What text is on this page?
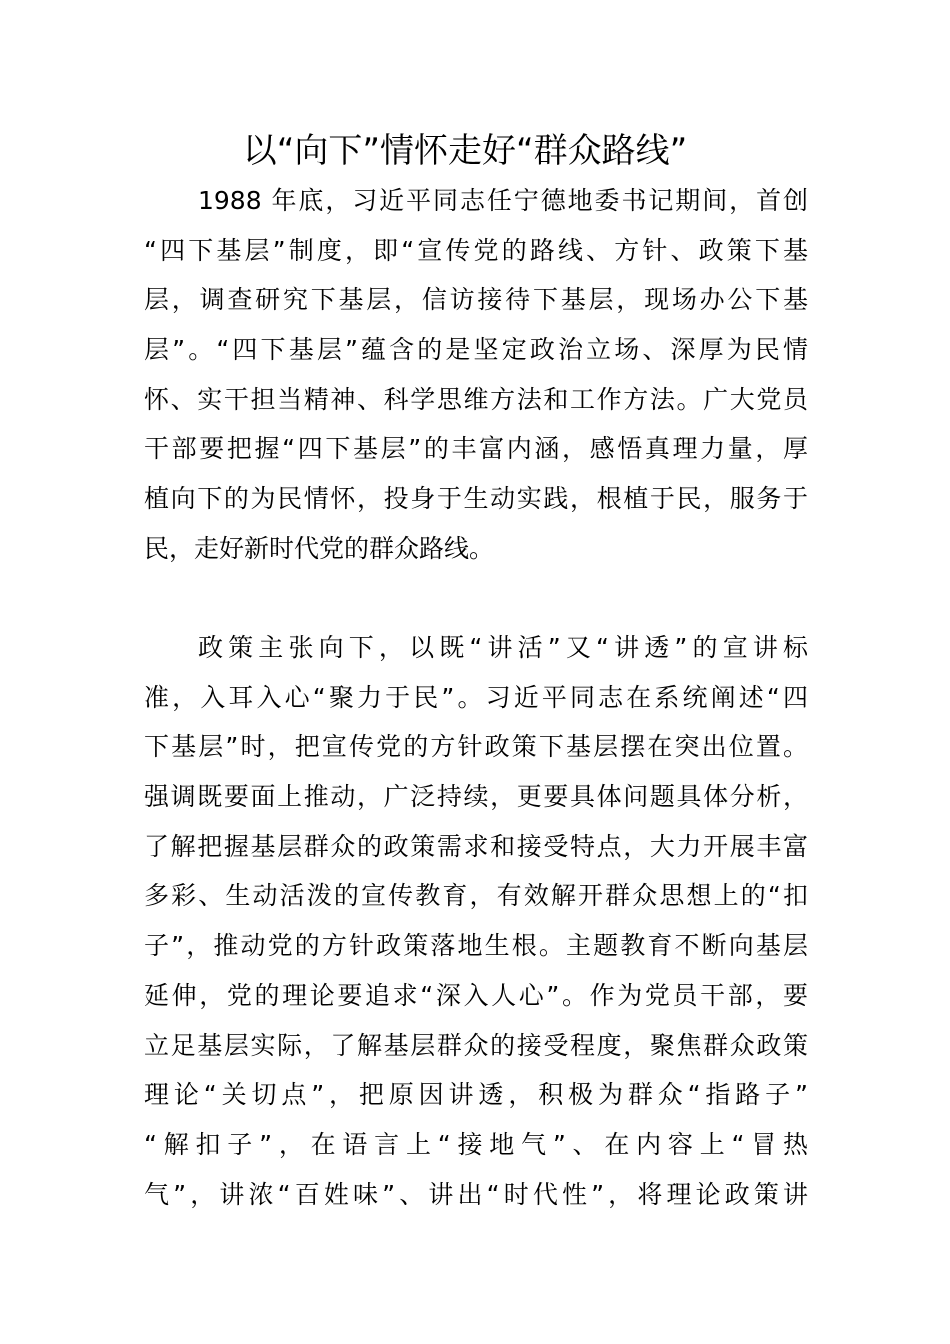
以“向下”情怀走好“群众路线”
1988 年底，习近平同志任宁德地委书记期间，首创
“四下基层”制度，即“宣传党的路线、方针、政策下基
层，调查研究下基层，信访接待下基层，现场办公下基
层”。“四下基层”蕴含的是坚定政治立场、深厚为民情
怀、实干担当精神、科学思维方法和工作方法。广大党员
干部要把握“四下基层”的丰富内涵，感悟真理力量，厚
植向下的为民情怀，投身于生动实践，根植于民，服务于
民，走好新时代党的群众路线。
政策主张向下，以既“讲活”又“讲透”的宣讲标
准，入耳入心“聚力于民”。习近平同志在系统阐述“四
下基层”时，把宣传党的方针政策下基层摆在突出位置。
强调既要面上推动，广泛持续，更要具体问题具体分析，
了解把握基层群众的政策需求和接受特点，大力开展丰富
多彩、生动活泼的宣传教育，有效解开群众思想上的“扣
子”，推动党的方针政策落地生根。主题教育不断向基层
延伸，党的理论要追求“深入人心”。作为党员干部，要
立足基层实际，了解基层群众的接受程度，聚焦群众政策
理论“关切点”，把原因讲透，积极为群众“指路子”
“解扣子”，在语言上“接地气”、在内容上“冒热
气”，讲浓“百姓味”、讲出“时代性”，将理论政策讲
